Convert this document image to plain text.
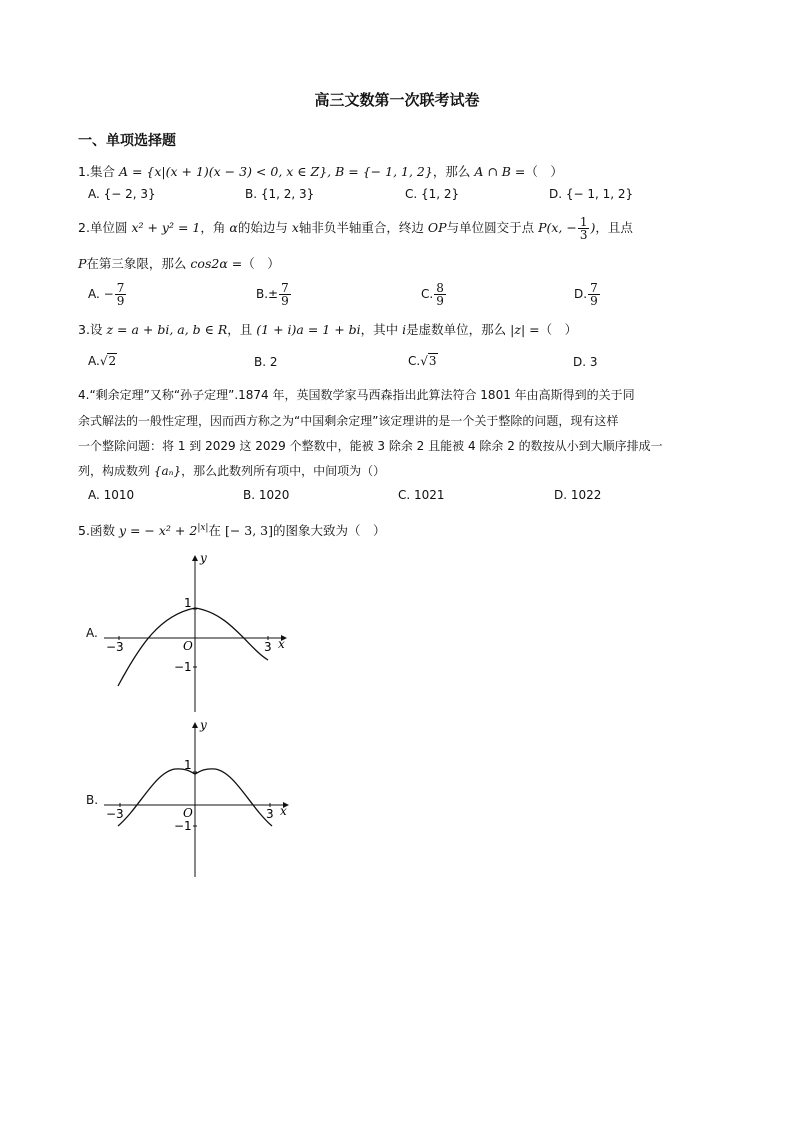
高三文数第一次联考试卷
一、单项选择题
1.集合 A = {x|(x + 1)(x − 3) < 0, x ∈ Z}, B = {− 1, 1, 2}，那么 A ∩ B =（　）
A. {− 2, 3}	B. {1, 2, 3}	C. {1, 2}	D. {− 1, 1, 2}
2.单位圆 x² + y² = 1，角 α的始边与 x轴非负半轴重合，终边 OP与单位圆交于点 P(x, − $\frac{1}{3}$ )，且点
P在第三象限，那么 cos2α =（　）
A. − $\frac{7}{9}$	$B.\pm \frac{7}{9}$	C. $\frac{8}{9}$	D. $\frac{7}{9}$
3.设 z = a + bi, a, b ∈ R，且 (1 + i)a = 1 + bi，其中 i是虚数单位，那么 |z| =（　）
A.√2	B. 2	C.√3	D. 3
4.“剩余定理”又称“孙子定理”.1874 年，英国数学家马西森指出此算法符合 1801 年由高斯得到的关于同
余式解法的一般性定理，因而西方称之为“中国剩余定理”该定理讲的是一个关于整除的问题，现有这样
一个整除问题：将 1 到 2029 这 2029 个整数中，能被 3 除余 2 且能被 4 除余 2 的数按从小到大顺序排成一
列，构成数列 {aₙ}，那么此数列所有项中，中间项为（）
A. 1010	B. 1020	C. 1021	D. 1022
5.函数 y = − $x^2 + 2^{|x|}$在 [− 3, 3]的图象大致为（　）
A.
y
x
O
−3	3
1
−1
B.
y
x
O
−3	3
1
−1
